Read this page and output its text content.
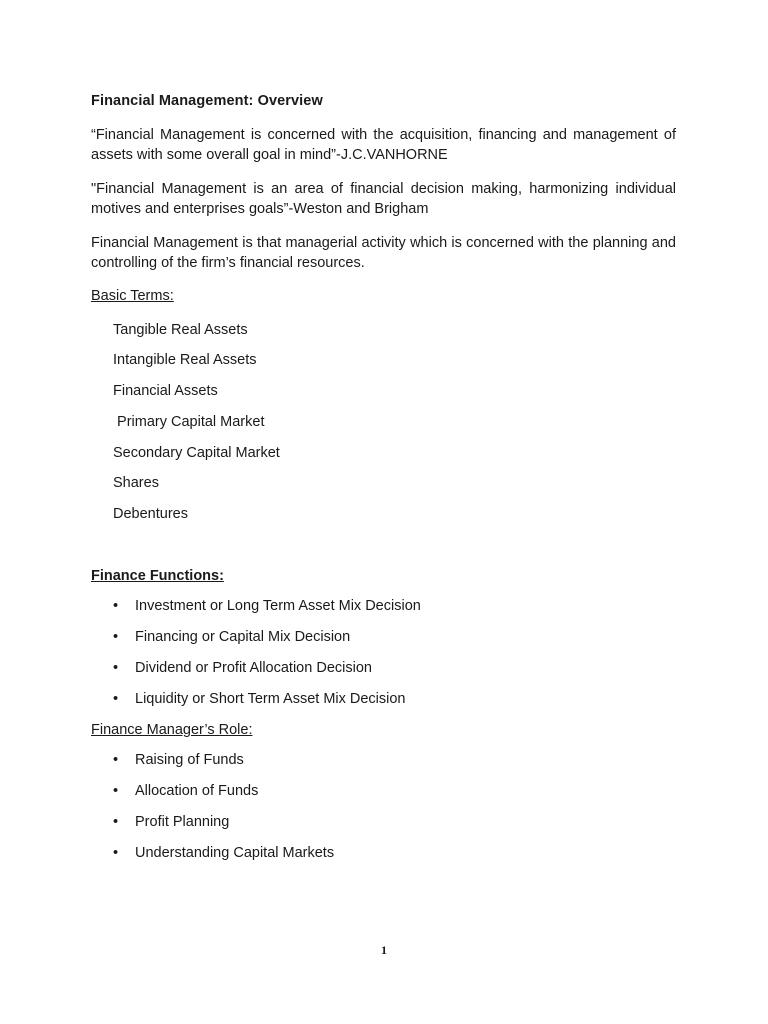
Financial Management: Overview
“Financial Management is concerned with the acquisition, financing and management of assets with some overall goal in mind”-J.C.VANHORNE
"Financial Management is an area of financial decision making, harmonizing individual motives and enterprises goals”-Weston and Brigham
Financial Management is that managerial activity which is concerned with the planning and controlling of the firm’s financial resources.
Basic Terms:
Tangible Real Assets
Intangible Real Assets
Financial Assets
Primary Capital Market
Secondary Capital Market
Shares
Debentures
Finance Functions:
• Investment or Long Term Asset Mix Decision
• Financing or Capital Mix Decision
• Dividend or Profit Allocation Decision
• Liquidity or Short Term Asset Mix Decision
Finance Manager’s Role:
• Raising of Funds
• Allocation of Funds
• Profit Planning
• Understanding Capital Markets
1
